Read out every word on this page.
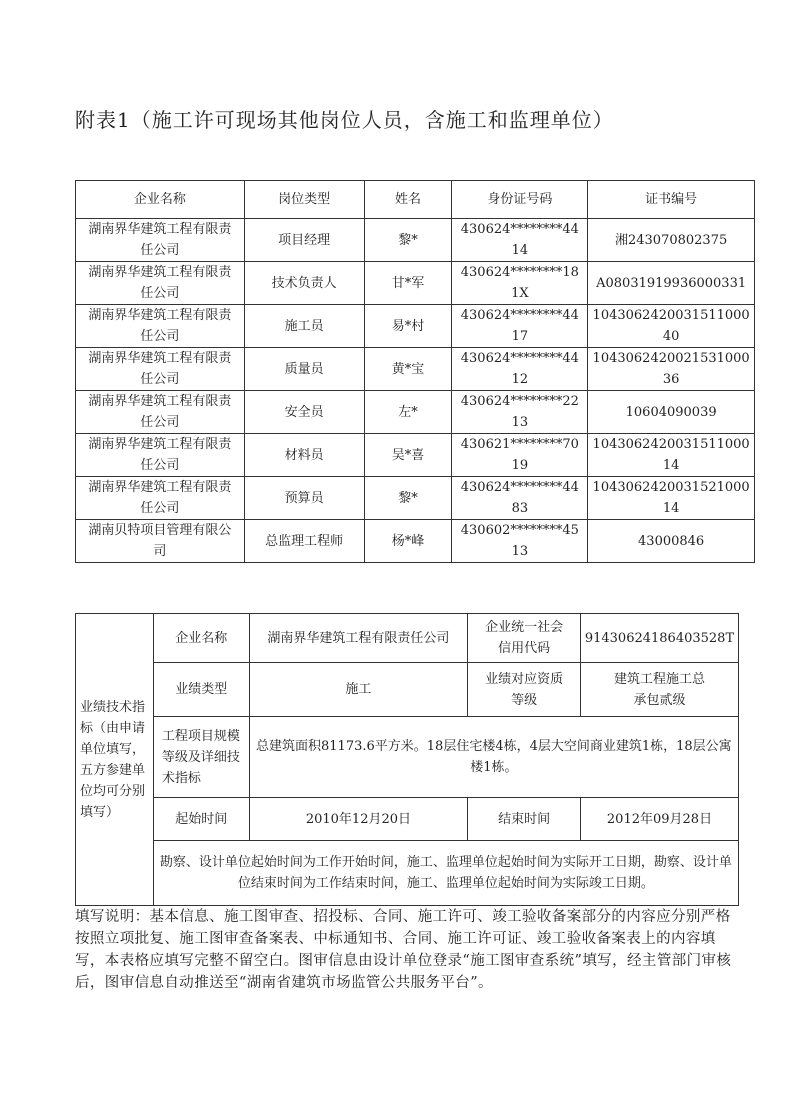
附表1（施工许可现场其他岗位人员，含施工和监理单位）
企业名称	岗位类型	姓名	身份证号码	证书编号
湖南界华建筑工程有限责任公司	项目经理	黎*	430624********4414	湘243070802375
湖南界华建筑工程有限责任公司	技术负责人	甘*军	430624********181X	A08031919936000331
湖南界华建筑工程有限责任公司	施工员	易*村	430624********4417	104306242003151100040
湖南界华建筑工程有限责任公司	质量员	黄*宝	430624********4412	104306242002153100036
湖南界华建筑工程有限责任公司	安全员	左*	430624********2213	10604090039
湖南界华建筑工程有限责任公司	材料员	吴*喜	430621********7019	104306242003151100014
湖南界华建筑工程有限责任公司	预算员	黎*	430624********4483	104306242003152100014
湖南贝特项目管理有限公司	总监理工程师	杨*峰	430602********4513	43000846
业绩技术指标（由申请单位填写，五方参建单位均可分别填写）	企业名称	湖南界华建筑工程有限责任公司	企业统一社会信用代码	91430624186403528T
	业绩类型	施工	业绩对应资质等级	建筑工程施工总承包贰级
	工程项目规模等级及详细技术指标	总建筑面积81173.6平方米。18层住宅楼4栋，4层大空间商业建筑1栋，18层公寓楼1栋。		
	起始时间	2010年12月20日	结束时间	2012年09月28日
	勘察、设计单位起始时间为工作开始时间，施工、监理单位起始时间为实际开工日期，勘察、设计单位结束时间为工作结束时间，施工、监理单位起始时间为实际竣工日期。			
填写说明：基本信息、施工图审查、招投标、合同、施工许可、竣工验收备案部分的内容应分别严格按照立项批复、施工图审查备案表、中标通知书、合同、施工许可证、竣工验收备案表上的内容填写，本表格应填写完整不留空白。图审信息由设计单位登录“施工图审查系统”填写，经主管部门审核后，图审信息自动推送至“湖南省建筑市场监管公共服务平台”。
